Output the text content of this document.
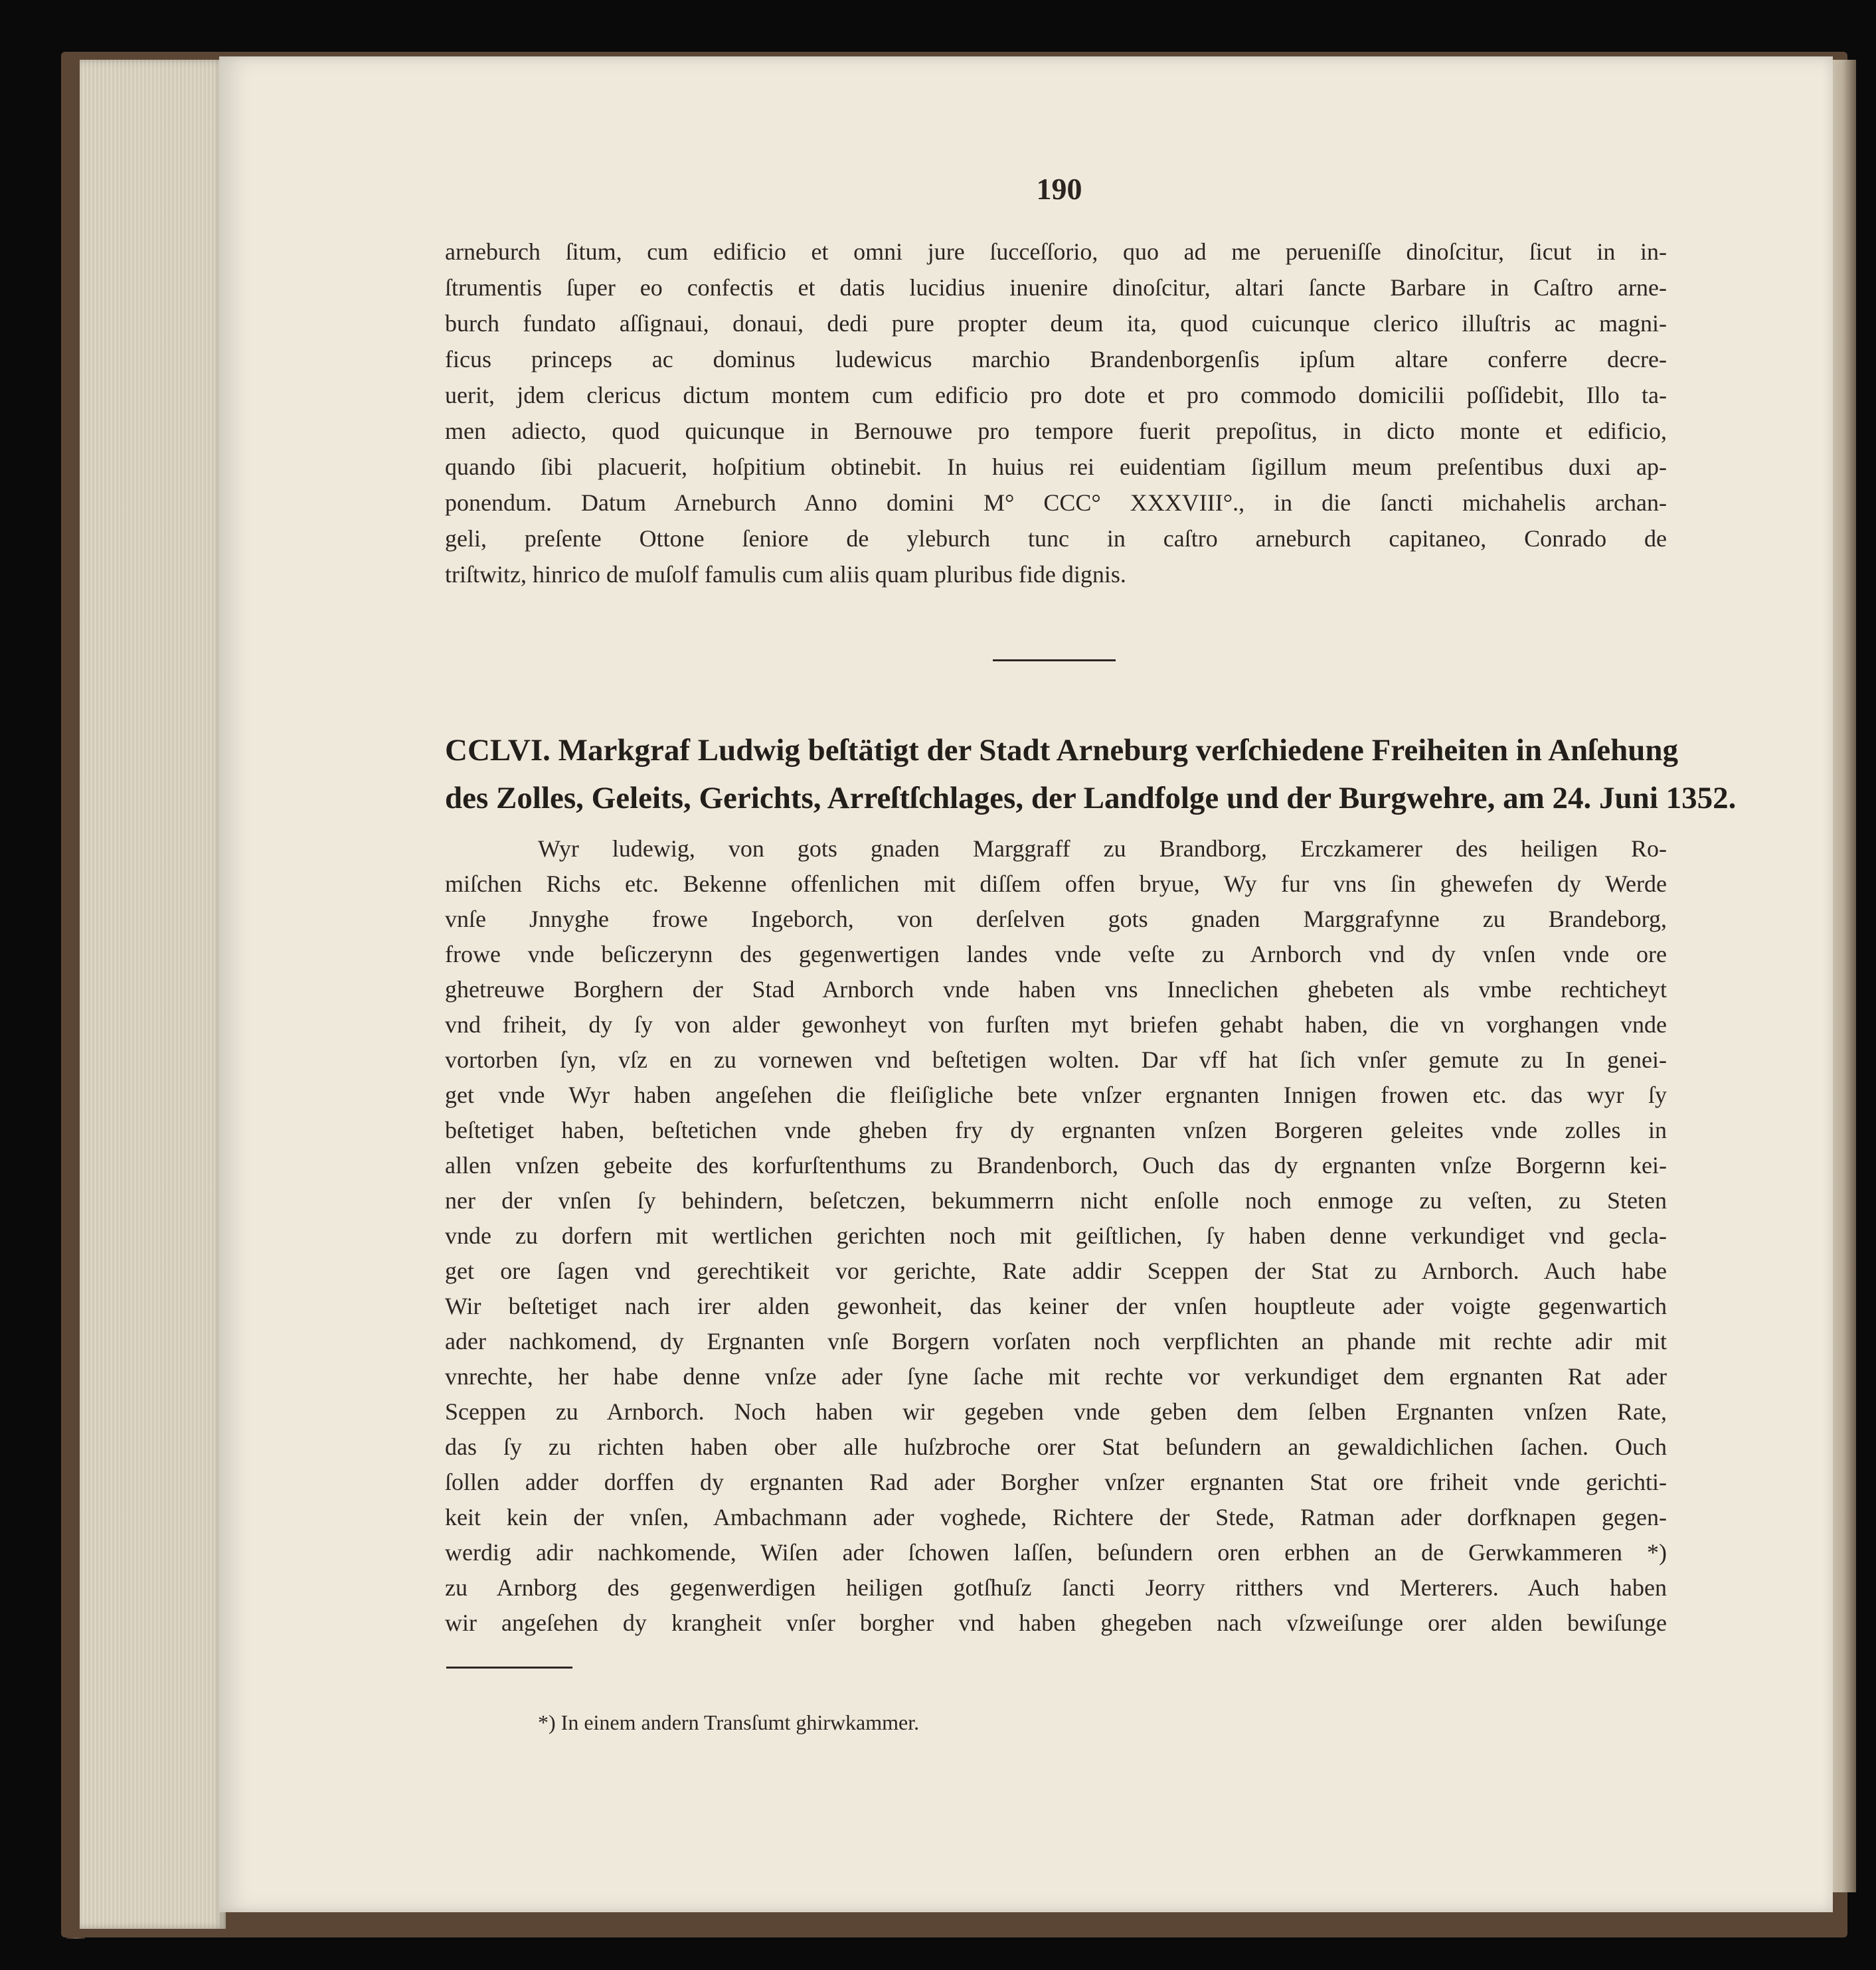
190
arneburch ſitum, cum edificio et omni jure ſucceſſorio, quo ad me perueniſſe dinoſcitur, ſicut in in-
ſtrumentis ſuper eo confectis et datis lucidius inuenire dinoſcitur, altari ſancte Barbare in Caſtro arne-
burch fundato aſſignaui, donaui, dedi pure propter deum ita, quod cuicunque clerico illuſtris ac magni-
ficus princeps ac dominus ludewicus marchio Brandenborgenſis ipſum altare conferre decre-
uerit, jdem clericus dictum montem cum edificio pro dote et pro commodo domicilii poſſidebit, Illo ta-
men adiecto, quod quicunque in Bernouwe pro tempore fuerit prepoſitus, in dicto monte et edificio,
quando ſibi placuerit, hoſpitium obtinebit. In huius rei euidentiam ſigillum meum preſentibus duxi ap-
ponendum. Datum Arneburch Anno domini M° CCC° XXXVIII°., in die ſancti michahelis archan-
geli, preſente Ottone ſeniore de yleburch tunc in caſtro arneburch capitaneo, Conrado de
triſtwitz, hinrico de muſolf famulis cum aliis quam pluribus fide dignis.
CCLVI. Markgraf Ludwig beſtätigt der Stadt Arneburg verſchiedene Freiheiten in Anſehung
des Zolles, Geleits, Gerichts, Arreſtſchlages, der Landfolge und der Burgwehre, am 24. Juni 1352.
Wyr ludewig, von gots gnaden Marggraff zu Brandborg, Erczkamerer des heiligen Ro-
miſchen Richs etc. Bekenne offenlichen mit diſſem offen bryue, Wy fur vns ſin ghewefen dy Werde
vnſe Jnnyghe frowe Ingeborch, von derſelven gots gnaden Marggrafynne zu Brandeborg,
frowe vnde beſiczerynn des gegenwertigen landes vnde veſte zu Arnborch vnd dy vnſen vnde ore
ghetreuwe Borghern der Stad Arnborch vnde haben vns Inneclichen ghebeten als vmbe rechticheyt
vnd friheit, dy ſy von alder gewonheyt von furſten myt briefen gehabt haben, die vn vorghangen vnde
vortorben ſyn, vſz en zu vornewen vnd beſtetigen wolten. Dar vff hat ſich vnſer gemute zu In genei-
get vnde Wyr haben angeſehen die fleiſigliche bete vnſzer ergnanten Innigen frowen etc. das wyr ſy
beſtetiget haben, beſtetichen vnde gheben fry dy ergnanten vnſzen Borgeren geleites vnde zolles in
allen vnſzen gebeite des korfurſtenthums zu Brandenborch, Ouch das dy ergnanten vnſze Borgernn kei-
ner der vnſen ſy behindern, beſetczen, bekummerrn nicht enſolle noch enmoge zu veſten, zu Steten
vnde zu dorfern mit wertlichen gerichten noch mit geiſtlichen, ſy haben denne verkundiget vnd gecla-
get ore ſagen vnd gerechtikeit vor gerichte, Rate addir Sceppen der Stat zu Arnborch. Auch habe
Wir beſtetiget nach irer alden gewonheit, das keiner der vnſen houptleute ader voigte gegenwartich
ader nachkomend, dy Ergnanten vnſe Borgern vorſaten noch verpflichten an phande mit rechte adir mit
vnrechte, her habe denne vnſze ader ſyne ſache mit rechte vor verkundiget dem ergnanten Rat ader
Sceppen zu Arnborch. Noch haben wir gegeben vnde geben dem ſelben Ergnanten vnſzen Rate,
das ſy zu richten haben ober alle huſzbroche orer Stat beſundern an gewaldichlichen ſachen. Ouch
ſollen adder dorffen dy ergnanten Rad ader Borgher vnſzer ergnanten Stat ore friheit vnde gerichti-
keit kein der vnſen, Ambachmann ader voghede, Richtere der Stede, Ratman ader dorfknapen gegen-
werdig adir nachkomende, Wiſen ader ſchowen laſſen, beſundern oren erbhen an de Gerwkammeren *)
zu Arnborg des gegenwerdigen heiligen gotſhuſz ſancti Jeorry ritthers vnd Merterers. Auch haben
wir angeſehen dy krangheit vnſer borgher vnd haben ghegeben nach vſzweiſunge orer alden bewiſunge
*) In einem andern Transſumt ghirwkammer.
